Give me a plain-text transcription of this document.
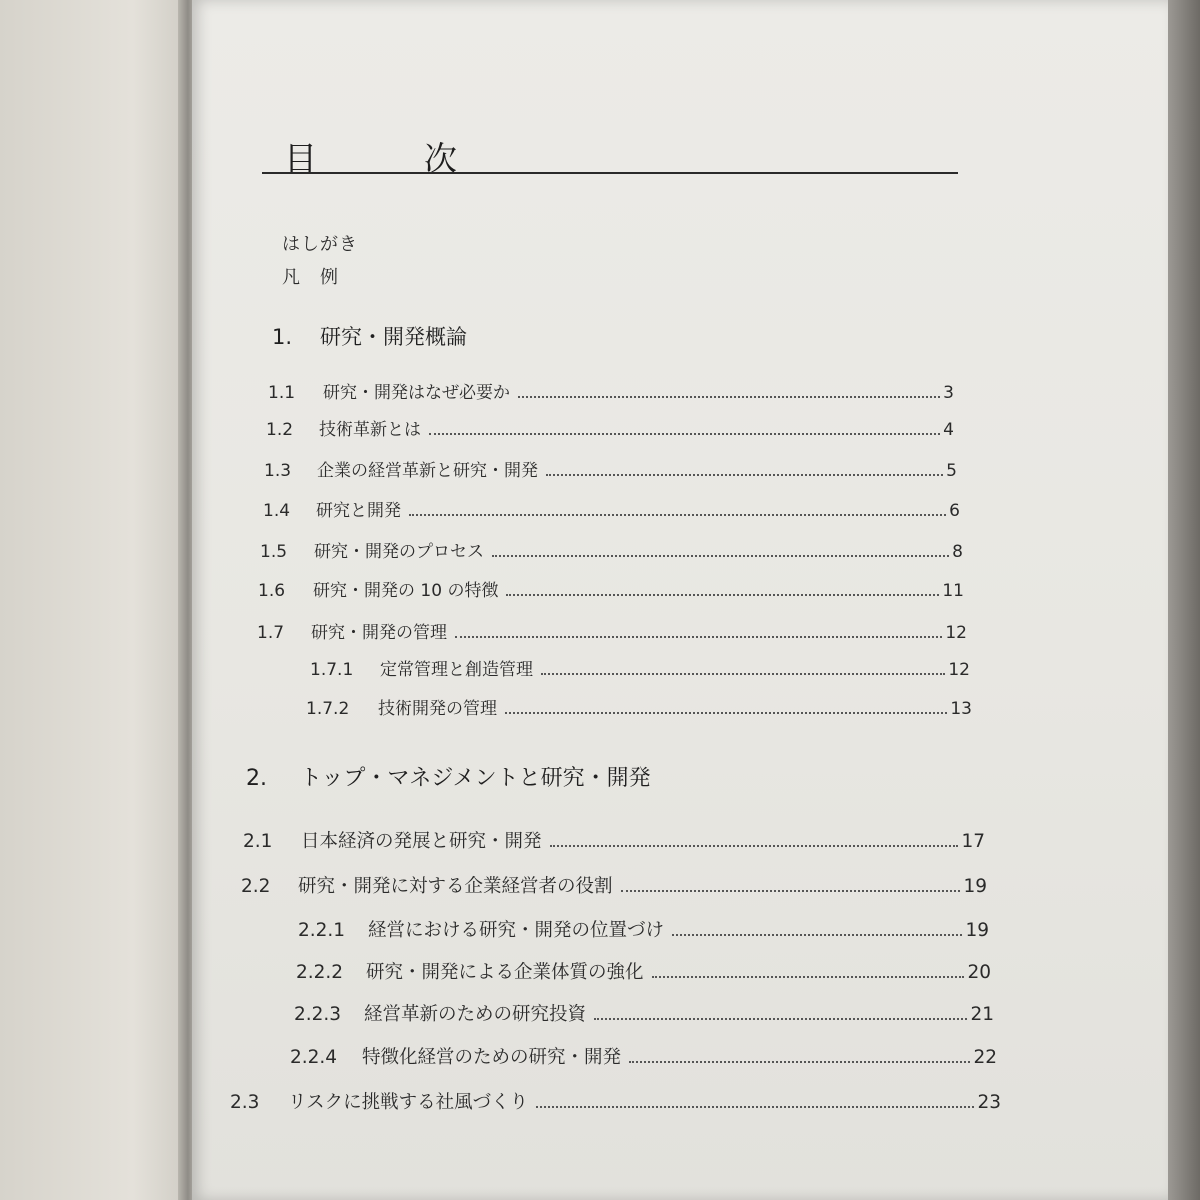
目　　　次
はしがき
凡　例
1. 研究・開発概論
1.1	研究・開発はなぜ必要か	3
1.2	技術革新とは	4
1.3	企業の経営革新と研究・開発	5
1.4	研究と開発	6
1.5	研究・開発のプロセス	8
1.6	研究・開発の 10 の特徴	11
1.7	研究・開発の管理	12
1.7.1	定常管理と創造管理	12
1.7.2	技術開発の管理	13
2. トップ・マネジメントと研究・開発
2.1	日本経済の発展と研究・開発	17
2.2	研究・開発に対する企業経営者の役割	19
2.2.1	経営における研究・開発の位置づけ	19
2.2.2	研究・開発による企業体質の強化	20
2.2.3	経営革新のための研究投資	21
2.2.4	特徴化経営のための研究・開発	22
2.3	リスクに挑戦する社風づくり	23
